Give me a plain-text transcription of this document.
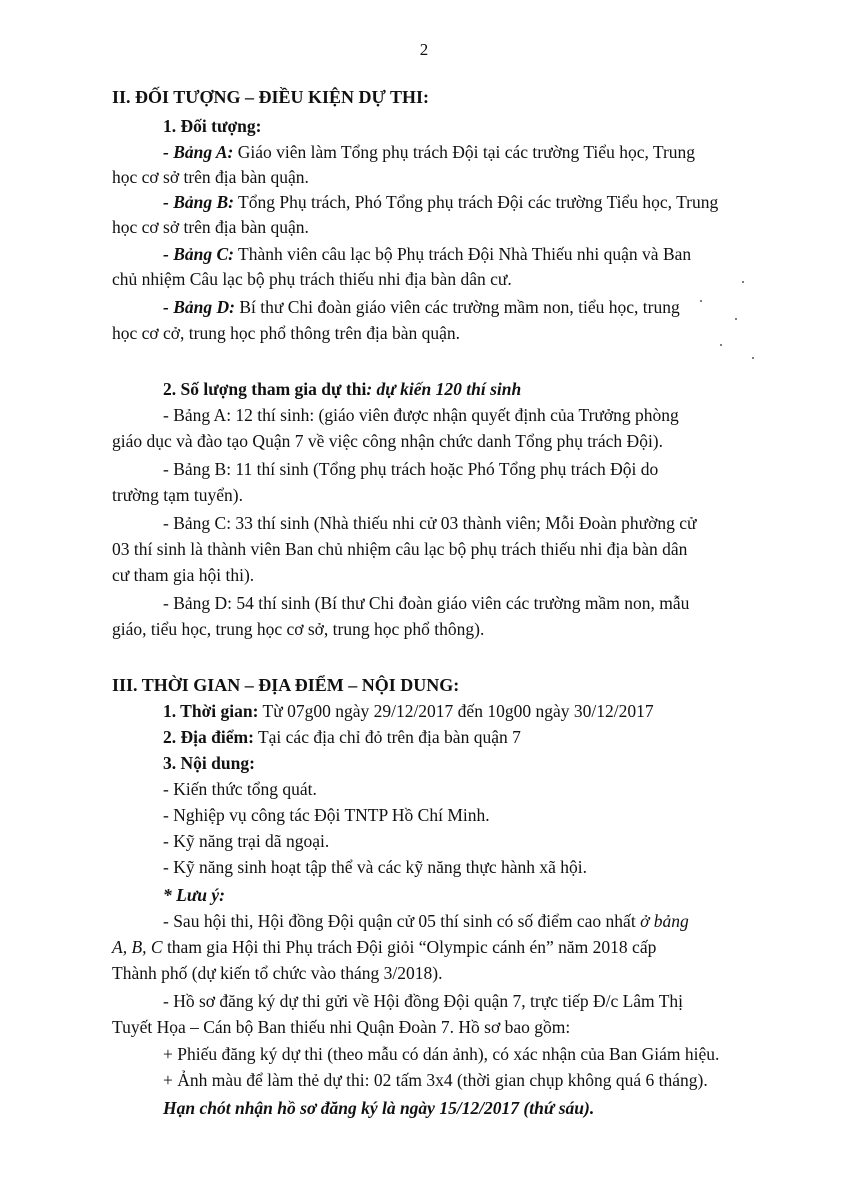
2
II. ĐỐI TƯỢNG – ĐIỀU KIỆN DỰ THI:
1. Đối tượng:
- Bảng A: Giáo viên làm Tổng phụ trách Đội tại các trường Tiểu học, Trung
học cơ sở trên địa bàn quận.
- Bảng B: Tổng Phụ trách, Phó Tổng phụ trách Đội các trường Tiểu học, Trung
học cơ sở trên địa bàn quận.
- Bảng C: Thành viên câu lạc bộ Phụ trách Đội Nhà Thiếu nhi quận và Ban
chủ nhiệm Câu lạc bộ phụ trách thiếu nhi địa bàn dân cư.
- Bảng D: Bí thư Chi đoàn giáo viên các trường mầm non, tiểu học, trung
học cơ cở, trung học phổ thông trên địa bàn quận.
2. Số lượng tham gia dự thi: dự kiến 120 thí sinh
- Bảng A: 12 thí sinh: (giáo viên được nhận quyết định của Trưởng phòng
giáo dục và đào tạo Quận 7 về việc công nhận chức danh Tổng phụ trách Đội).
- Bảng B: 11 thí sinh (Tổng phụ trách hoặc Phó Tổng phụ trách Đội do
trường tạm tuyển).
- Bảng C: 33 thí sinh (Nhà thiếu nhi cử 03 thành viên; Mỗi Đoàn phường cử
03 thí sinh là thành viên Ban chủ nhiệm câu lạc bộ phụ trách thiếu nhi địa bàn dân
cư tham gia hội thi).
- Bảng D: 54 thí sinh (Bí thư Chi đoàn giáo viên các trường mầm non, mẫu
giáo, tiểu học, trung học cơ sở, trung học phổ thông).
III. THỜI GIAN – ĐỊA ĐIỂM – NỘI DUNG:
1. Thời gian: Từ 07g00 ngày 29/12/2017 đến 10g00 ngày 30/12/2017
2. Địa điểm: Tại các địa chỉ đỏ trên địa bàn quận 7
3. Nội dung:
- Kiến thức tổng quát.
- Nghiệp vụ công tác Đội TNTP Hồ Chí Minh.
- Kỹ năng trại dã ngoại.
- Kỹ năng sinh hoạt tập thể và các kỹ năng thực hành xã hội.
* Lưu ý:
- Sau hội thi, Hội đồng Đội quận cử 05 thí sinh có số điểm cao nhất ở bảng
A, B, C tham gia Hội thi Phụ trách Đội giỏi “Olympic cánh én” năm 2018 cấp
Thành phố (dự kiến tổ chức vào tháng 3/2018).
- Hồ sơ đăng ký dự thi gửi về Hội đồng Đội quận 7, trực tiếp Đ/c Lâm Thị
Tuyết Họa – Cán bộ Ban thiếu nhi Quận Đoàn 7. Hồ sơ bao gồm:
+ Phiếu đăng ký dự thi (theo mẫu có dán ảnh), có xác nhận của Ban Giám hiệu.
+ Ảnh màu để làm thẻ dự thi: 02 tấm 3x4 (thời gian chụp không quá 6 tháng).
Hạn chót nhận hồ sơ đăng ký là ngày 15/12/2017 (thứ sáu).
